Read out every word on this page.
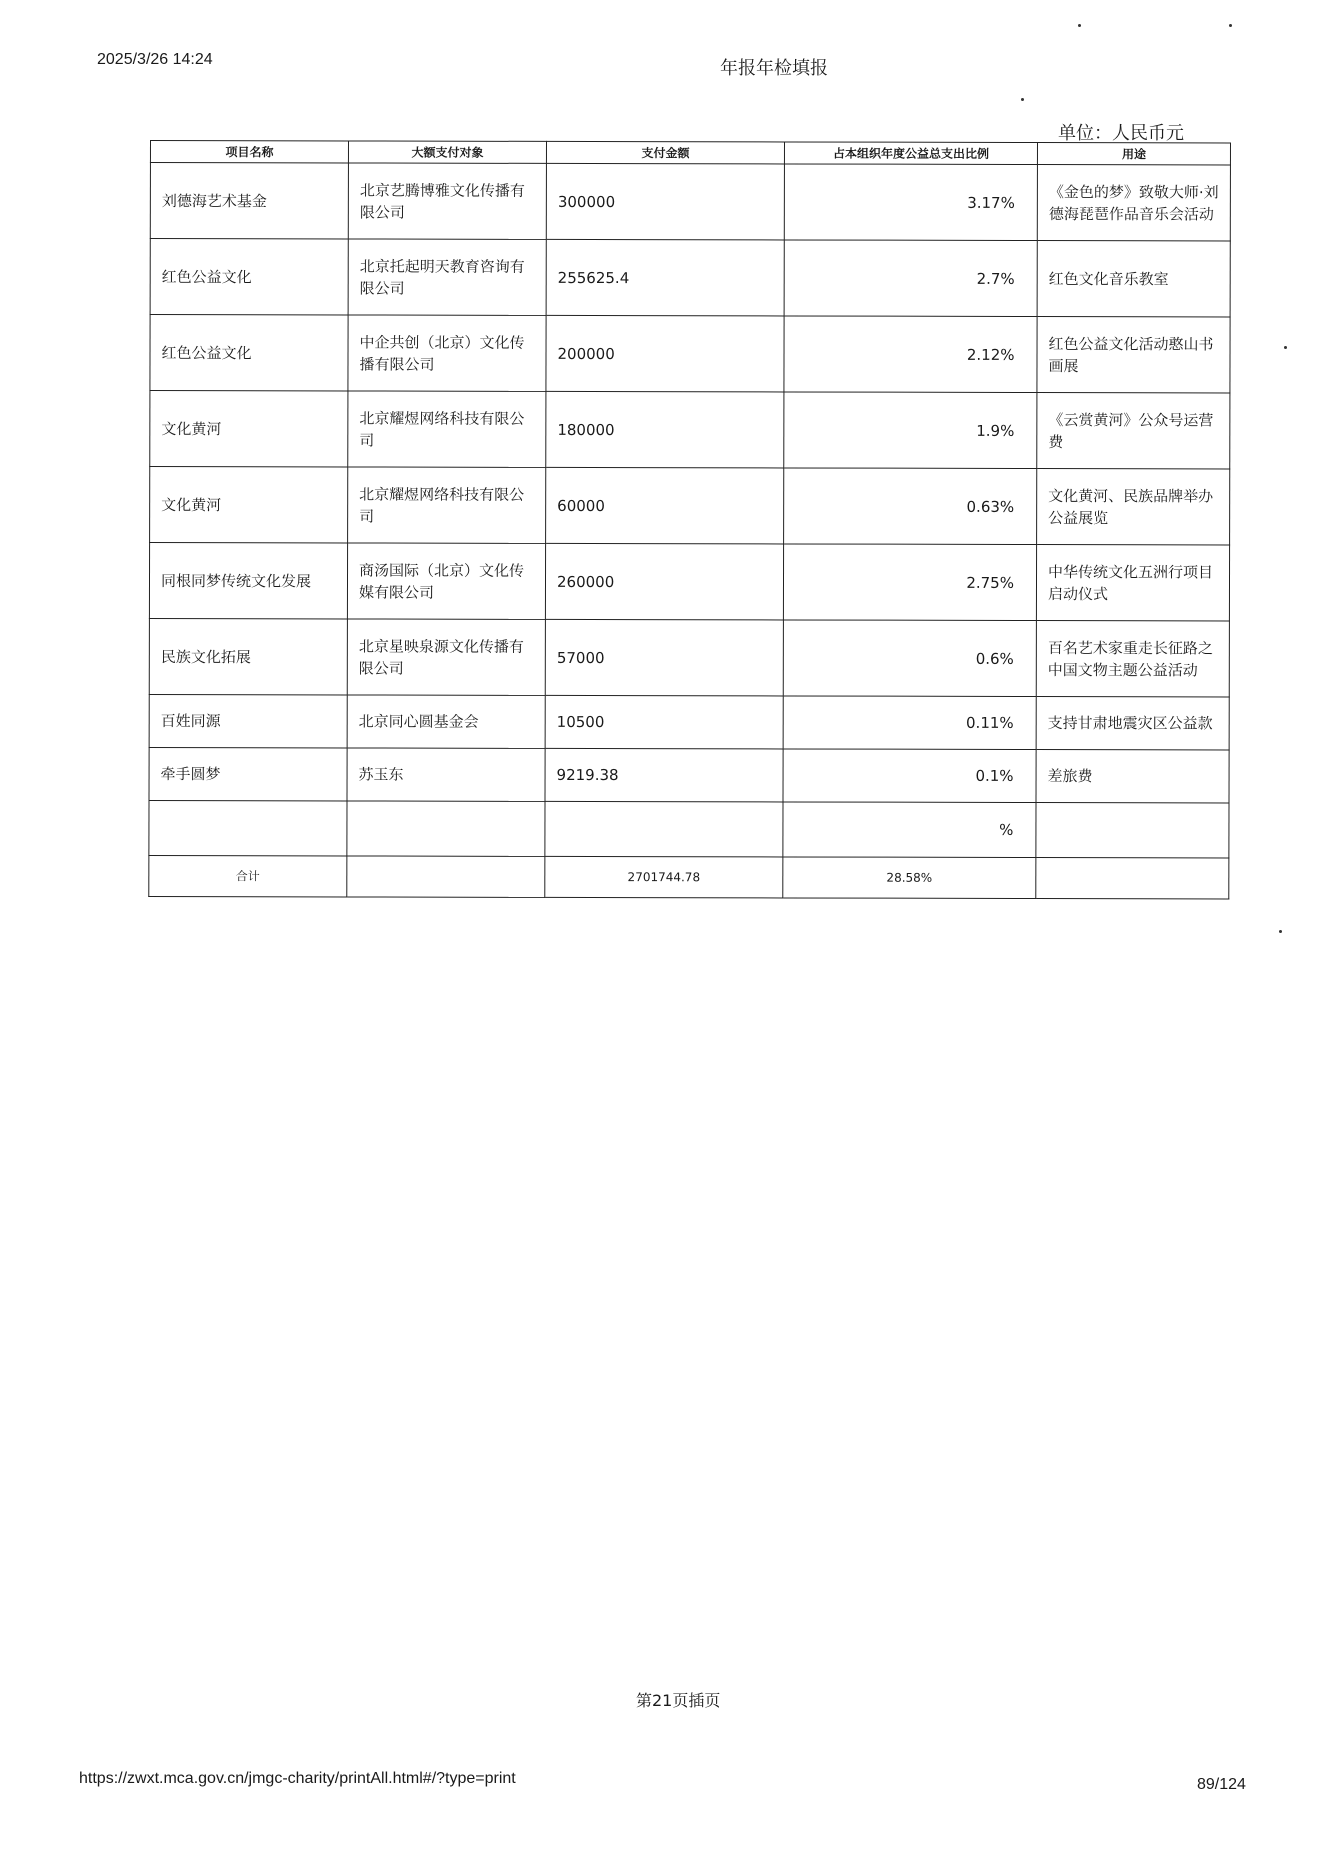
2025/3/26 14:24	年报年检填报
单位：人民币元
项目名称	大额支付对象	支付金额	占本组织年度公益总支出比例	用途
刘德海艺术基金	北京艺腾博雅文化传播有限公司	300000	3.17%	《金色的梦》致敬大师·刘德海琵琶作品音乐会活动
红色公益文化	北京托起明天教育咨询有限公司	255625.4	2.7%	红色文化音乐教室
红色公益文化	中企共创（北京）文化传播有限公司	200000	2.12%	红色公益文化活动憨山书画展
文化黄河	北京耀煜网络科技有限公司	180000	1.9%	《云赏黄河》公众号运营费
文化黄河	北京耀煜网络科技有限公司	60000	0.63%	文化黄河、民族品牌举办公益展览
同根同梦传统文化发展	商汤国际（北京）文化传媒有限公司	260000	2.75%	中华传统文化五洲行项目启动仪式
民族文化拓展	北京星映泉源文化传播有限公司	57000	0.6%	百名艺术家重走长征路之中国文物主题公益活动
百姓同源	北京同心圆基金会	10500	0.11%	支持甘肃地震灾区公益款
牵手圆梦	苏玉东	9219.38	0.1%	差旅费
			%	
合计		2701744.78	28.58%	
第21页插页
https://zwxt.mca.gov.cn/jmgc-charity/printAll.html#/?type=print	89/124
